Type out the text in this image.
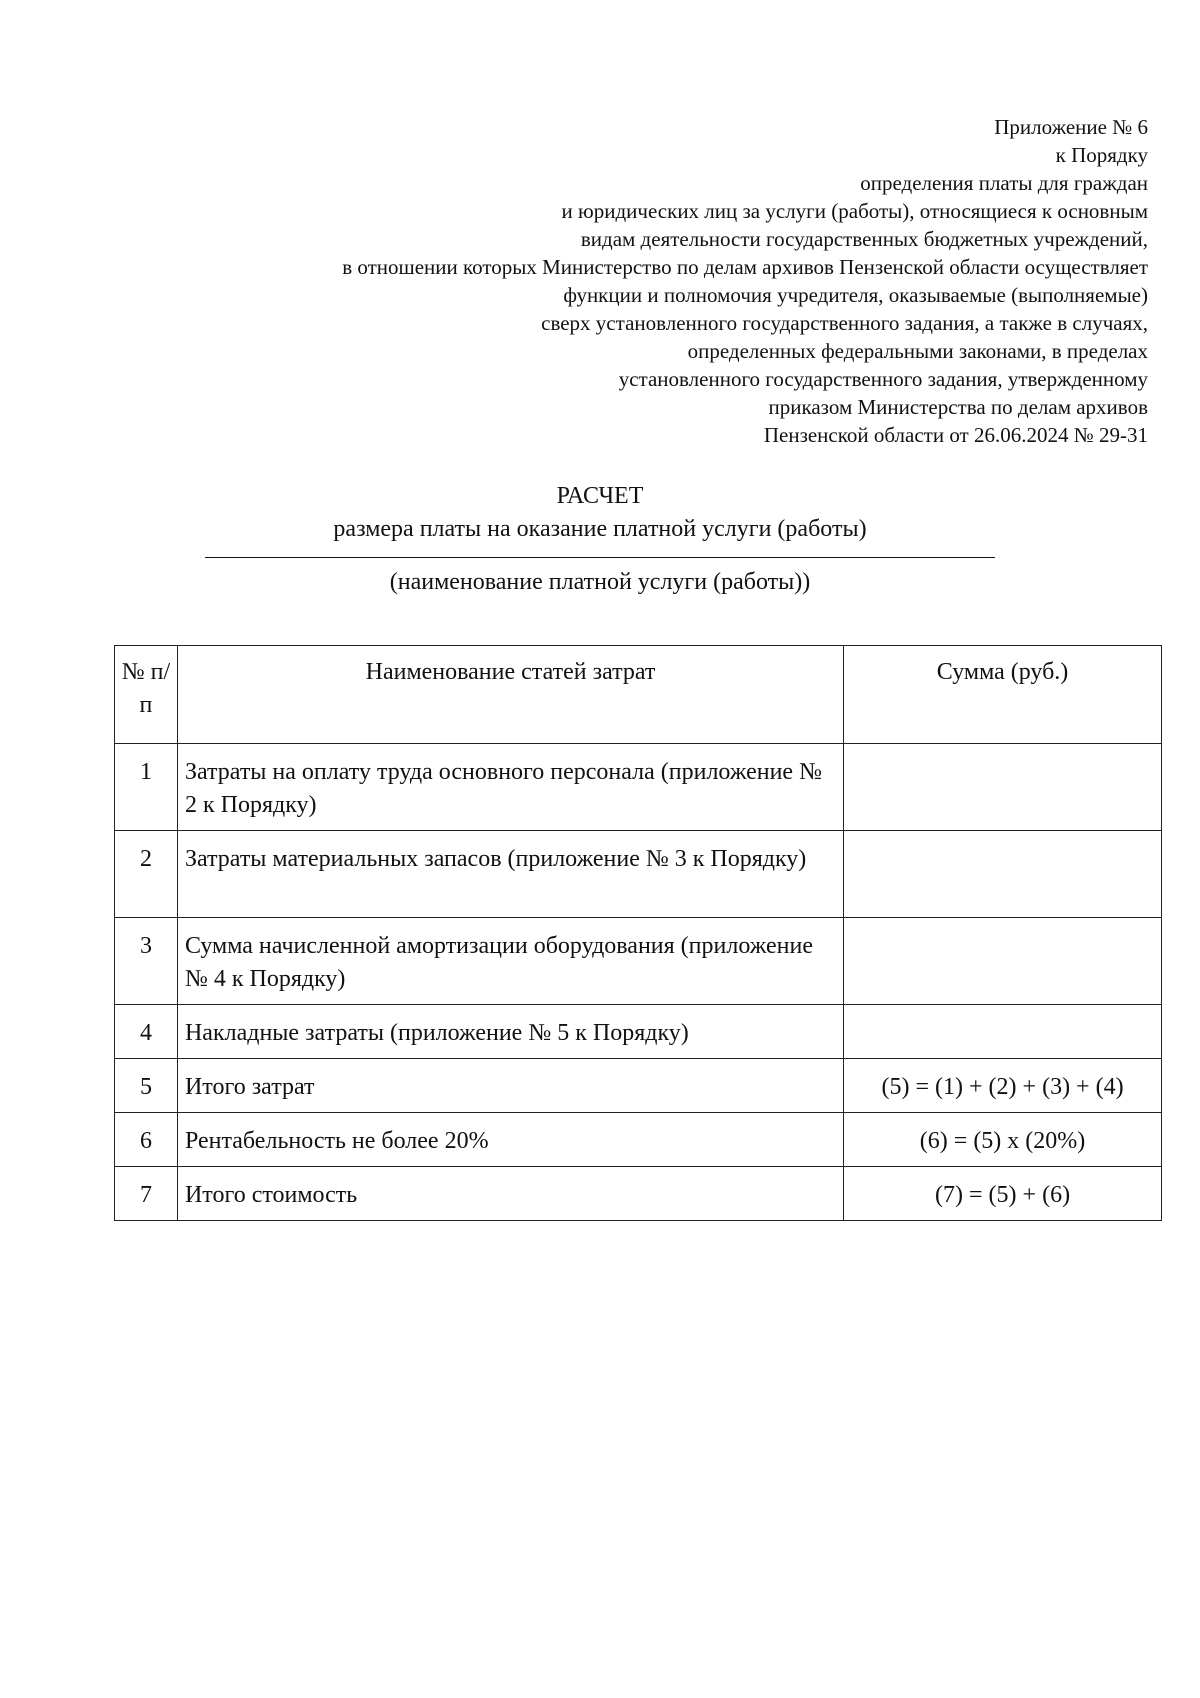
Приложение № 6
к Порядку
определения платы для граждан
и юридических лиц за услуги (работы), относящиеся к основным
видам деятельности государственных бюджетных учреждений,
в отношении которых Министерство по делам архивов Пензенской области осуществляет
функции и полномочия учредителя, оказываемые (выполняемые)
сверх установленного государственного задания, а также в случаях,
определенных федеральными законами, в пределах
установленного государственного задания, утвержденному
приказом Министерства по делам архивов
Пензенской области от 26.06.2024 № 29-31
РАСЧЕТ
размера платы на оказание платной услуги (работы)
(наименование платной услуги (работы))
№ п/п	Наименование статей затрат	Сумма (руб.)
1	Затраты на оплату труда основного персонала (приложение № 2 к Порядку)	
2	Затраты материальных запасов (приложение № 3 к Порядку)	
3	Сумма начисленной амортизации оборудования (приложение № 4 к Порядку)	
4	Накладные затраты (приложение № 5 к Порядку)	
5	Итого затрат	(5) = (1) + (2) + (3) + (4)
6	Рентабельность не более 20%	(6) = (5) х (20%)
7	Итого стоимость	(7) = (5) + (6)
